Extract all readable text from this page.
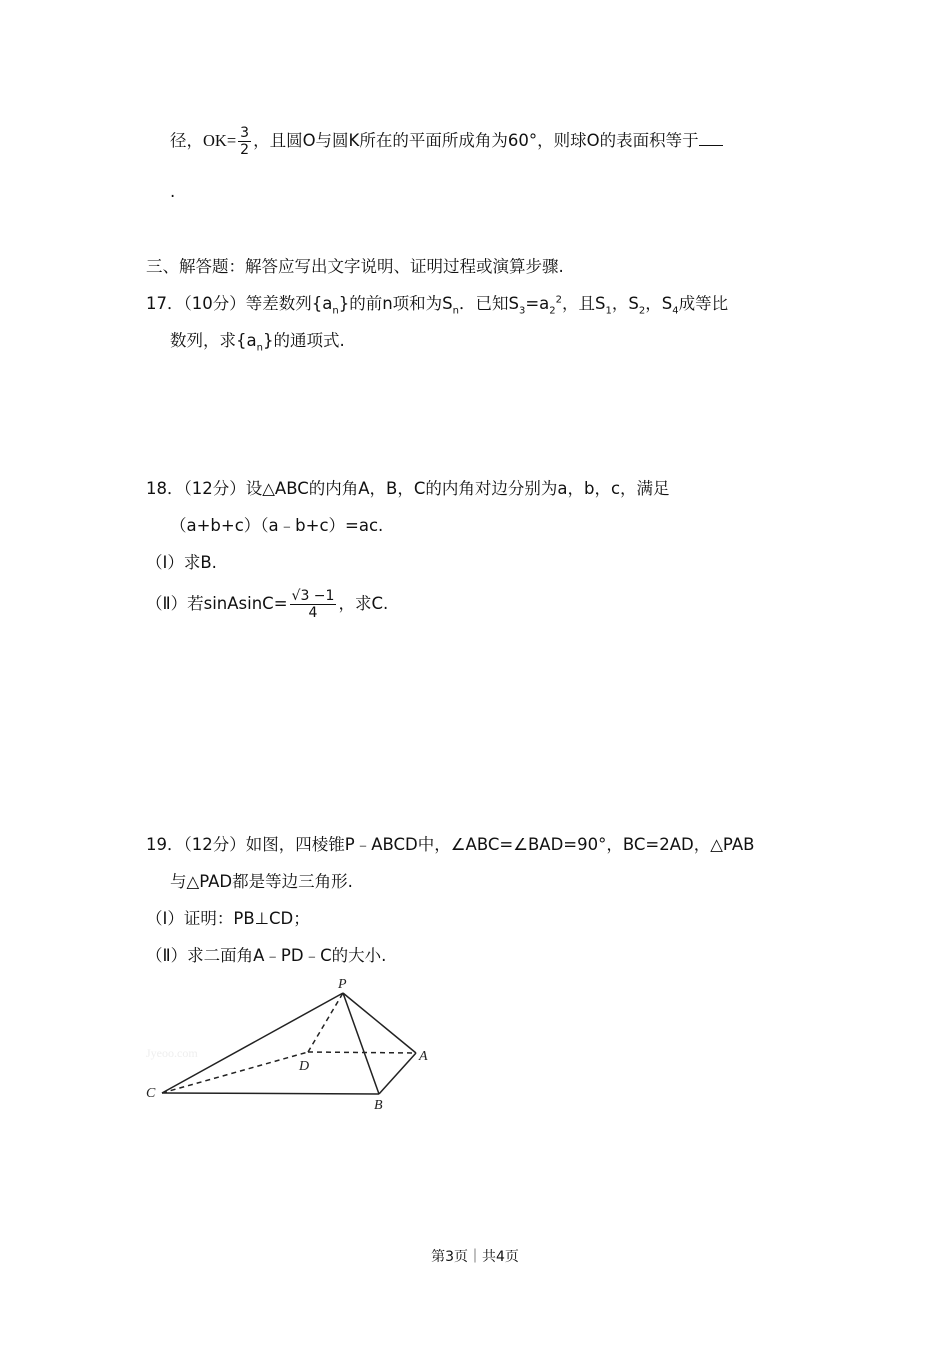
径，$OK= \frac{3}{2}$ ，且圆O与圆K所在的平面所成角为60°，则球O的表面积等于
.
三、解答题：解答应写出文字说明、证明过程或演算步骤.
17．（10分）等差数列$\{a_n\}$的前n项和为$S_n$．已知$S_3=a_2^2$，且$S_1$，$S_2$，$S_4$成等比
数列，求$\{a_n\}$的通项式.
18．（12分）设△ABC的内角A，B，C的内角对边分别为a，b，c，满足
（a+b+c）（a﹣b+c）=ac.
（Ⅰ）求B.
（Ⅱ）若sinAsinC= $\frac{√3 -1}{4}$ ，求C.
19．（12分）如图，四棱锥P﹣ABCD中，∠ABC=∠BAD=90°，BC=2AD，△PAB
与△PAD都是等边三角形.
（Ⅰ）证明：PB⊥CD；
（Ⅱ）求二面角A﹣PD﹣C的大小.
Jyeoo.com
P
A
B
C
D
第3页｜共4页
